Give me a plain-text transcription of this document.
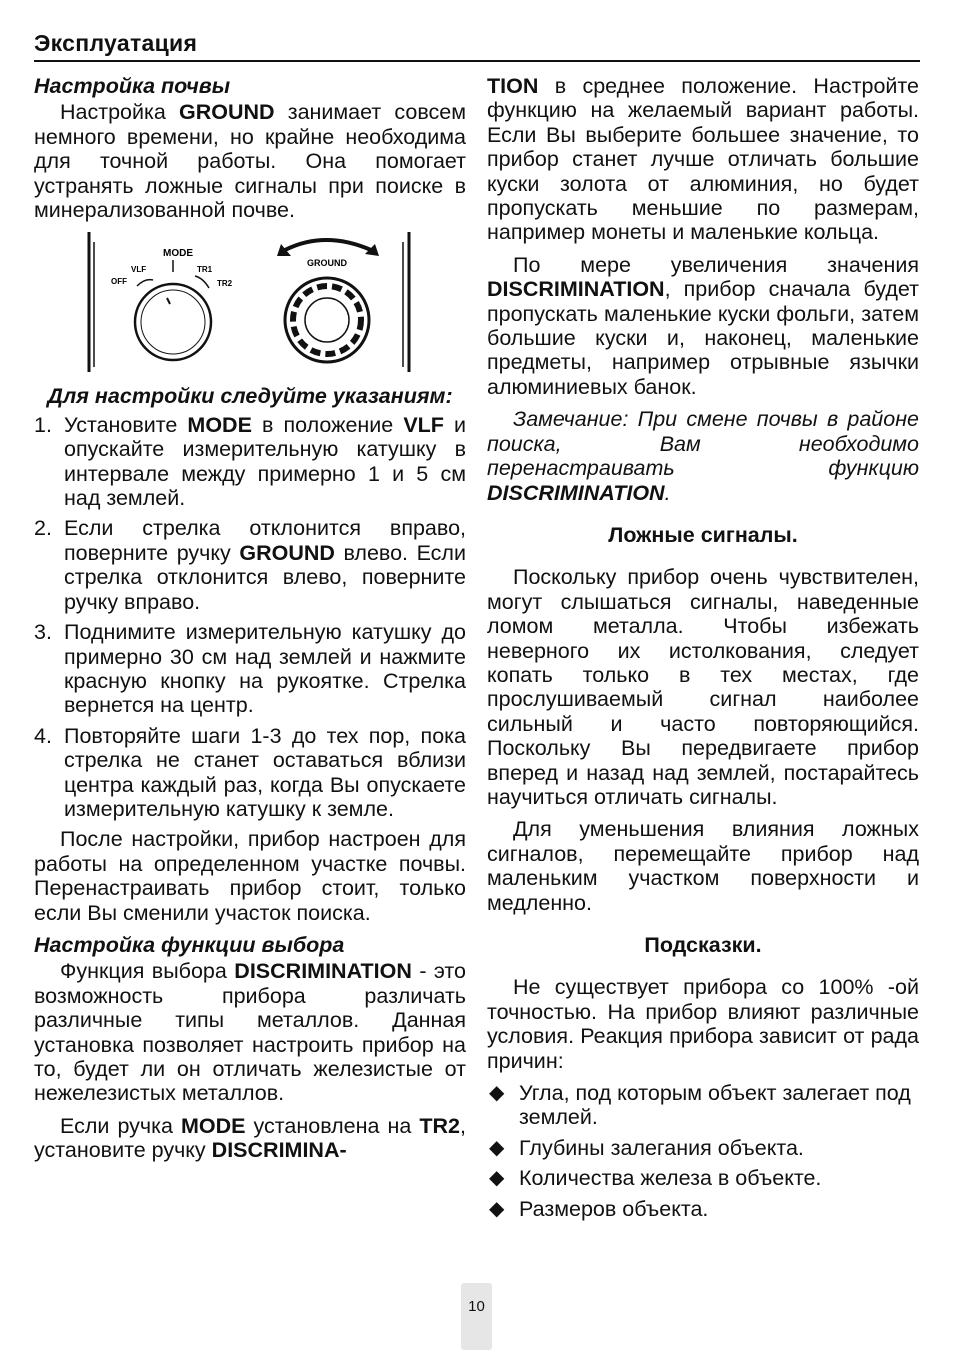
Эксплуатация
Настройка почвы

Настройка GROUND занимает совсем немного времени, но крайне необходима для точной работы. Она помогает устранять ложные сигналы при поиске в минерализованной почве.

MODE
OFF
VLF	TR1
TR2
GROUND
Для настройки следуйте указаниям:
1. Установите MODE в положение VLF и опускайте измерительную катушку в интервале между примерно 1 и 5 см над землей.
2. Если стрелка отклонится вправо, поверните ручку GROUND влево. Если стрелка отклонится влево, поверните ручку вправо.
3. Поднимите измерительную катушку до примерно 30 см над землей и нажмите красную кнопку на рукоятке. Стрелка вернется на центр.
4. Повторяйте шаги 1-3 до тех пор, пока стрелка не станет оставаться вблизи центра каждый раз, когда Вы опускаете измерительную катушку к земле.

После настройки, прибор настроен для работы на определенном участке почвы. Перенастраивать прибор стоит, только если Вы сменили участок поиска.

Настройка функции выбора

Функция выбора DISCRIMINATION - это возможность прибора различать различные типы металлов. Данная установка позволяет настроить прибор на то, будет ли он отличать железистые от нежелезистых металлов.

Если ручка MODE установлена на TR2, установите ручку DISCRIMINA-

TION в среднее положение. Настройте функцию на желаемый вариант работы. Если Вы выберите большее значение, то прибор станет лучше отличать большие куски золота от алюминия, но будет пропускать меньшие по размерам, например монеты и маленькие кольца.

По мере увеличения значения DISCRIMINATION, прибор сначала будет пропускать маленькие куски фольги, затем большие куски и, наконец, маленькие предметы, например отрывные язычки алюминиевых банок.

Замечание: При смене почвы в районе поиска, Вам необходимо перенастраивать функцию DISCRIMINATION.

Ложные сигналы.

Поскольку прибор очень чувствителен, могут слышаться сигналы, наведенные ломом металла. Чтобы избежать неверного их истолкования, следует копать только в тех местах, где прослушиваемый сигнал наиболее сильный и часто повторяющийся. Поскольку Вы передвигаете прибор вперед и назад над землей, постарайтесь научиться отличать сигналы.

Для уменьшения влияния ложных сигналов, перемещайте прибор над маленьким участком поверхности и медленно.

Подсказки.

Не существует прибора со 100% -ой точностью. На прибор влияют различные условия. Реакция прибора зависит от рада причин:

◆ Угла, под которым объект залегает под землей.
◆ Глубины залегания объекта.
◆ Количества железа в объекте.
◆ Размеров объекта.
10
